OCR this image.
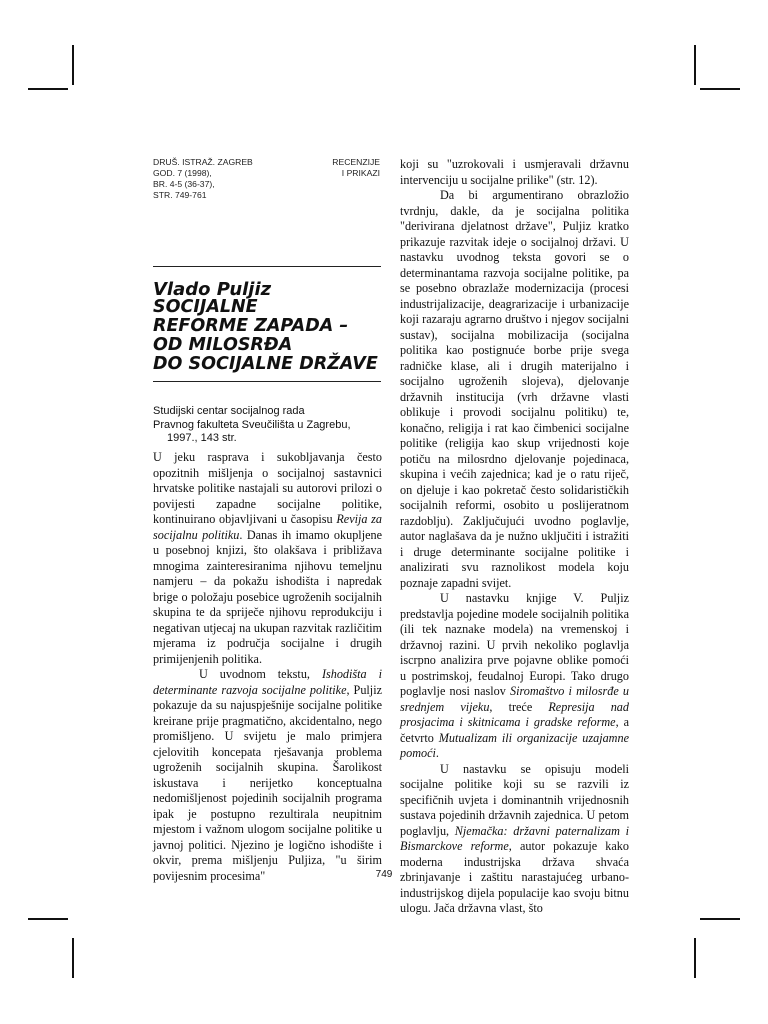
DRUŠ. ISTRAŽ. ZAGREB
GOD. 7 (1998),
BR. 4-5 (36-37),
STR. 749-761
RECENZIJE
I PRIKAZI
Vlado Puljiz
SOCIJALNE
REFORME ZAPADA –
OD MILOSRĐA
DO SOCIJALNE DRŽAVE
Studijski centar socijalnog rada
Pravnog fakulteta Sveučilišta u Zagrebu,
1997., 143 str.

U jeku rasprava i sukobljavanja često opozitnih mišljenja o socijalnoj sastavnici hrvatske politike nastajali su autorovi prilozi o povijesti zapadne socijalne politike, kontinuirano objavljivani u časopisu Revija za socijalnu politiku. Danas ih imamo okupljene u posebnoj knjizi, što olakšava i približava mnogima zainteresiranima njihovu temeljnu namjeru – da pokažu ishodišta i napredak brige o položaju posebice ugroženih socijalnih skupina te da spriječe njihovu reprodukciju i negativan utjecaj na ukupan razvitak različitim mjerama iz područja socijalne i drugih primijenjenih politika.

U uvodnom tekstu, Ishodišta i determinante razvoja socijalne politike, Puljiz pokazuje da su najuspješnije socijalne politike kreirane prije pragmatično, akcidentalno, nego promišljeno. U svijetu je malo primjera cjelovitih koncepata rješavanja problema ugroženih socijalnih skupina. Šarolikost iskustava i nerijetko konceptualna nedomišljenost pojedinih socijalnih programa ipak je postupno rezultirala neupitnim mjestom i važnom ulogom socijalne politike u javnoj politici. Njezino je logično ishodište i okvir, prema mišljenju Puljiza, "u širim povijesnim procesima"

koji su "uzrokovali i usmjeravali državnu intervenciju u socijalne prilike" (str. 12).

Da bi argumentirano obrazložio tvrdnju, dakle, da je socijalna politika "derivirana djelatnost države", Puljiz kratko prikazuje razvitak ideje o socijalnoj državi. U nastavku uvodnog teksta govori se o determinantama razvoja socijalne politike, pa se posebno obrazlaže modernizacija (procesi industrijalizacije, deagrarizacije i urbanizacije koji razaraju agrarno društvo i njegov socijalni sustav), socijalna mobilizacija (socijalna politika kao postignuće borbe prije svega radničke klase, ali i drugih materijalno i socijalno ugroženih slojeva), djelovanje državnih institucija (vrh državne vlasti oblikuje i provodi socijalnu politiku) te, konačno, religija i rat kao čimbenici socijalne politike (religija kao skup vrijednosti koje potiču na milosrdno djelovanje pojedinaca, skupina i većih zajednica; kad je o ratu riječ, on djeluje i kao pokretač često solidarističkih socijalnih reformi, osobito u poslijeratnom razdoblju). Zaključujući uvodno poglavlje, autor naglašava da je nužno uključiti i istražiti i druge determinante socijalne politike i analizirati svu raznolikost modela koju poznaje zapadni svijet.

U nastavku knjige V. Puljiz predstavlja pojedine modele socijalnih politika (ili tek naznake modela) na vremenskoj i državnoj razini. U prvih nekoliko poglavlja iscrpno analizira prve pojavne oblike pomoći u postrimskoj, feudalnoj Europi. Tako drugo poglavlje nosi naslov Siromaštvo i milosrđe u srednjem vijeku, treće Represija nad prosjacima i skitnicama i gradske reforme, a četvrto Mutualizam ili organizacije uzajamne pomoći.

U nastavku se opisuju modeli socijalne politike koji su se razvili iz specifičnih uvjeta i dominantnih vrijednosnih sustava pojedinih državnih zajednica. U petom poglavlju, Njemačka: državni paternalizam i Bismarckove reforme, autor pokazuje kako moderna industrijska država shvaća zbrinjavanje i zaštitu narastajućeg urbano-industrijskog dijela populacije kao svoju bitnu ulogu. Jača državna vlast, što

749
